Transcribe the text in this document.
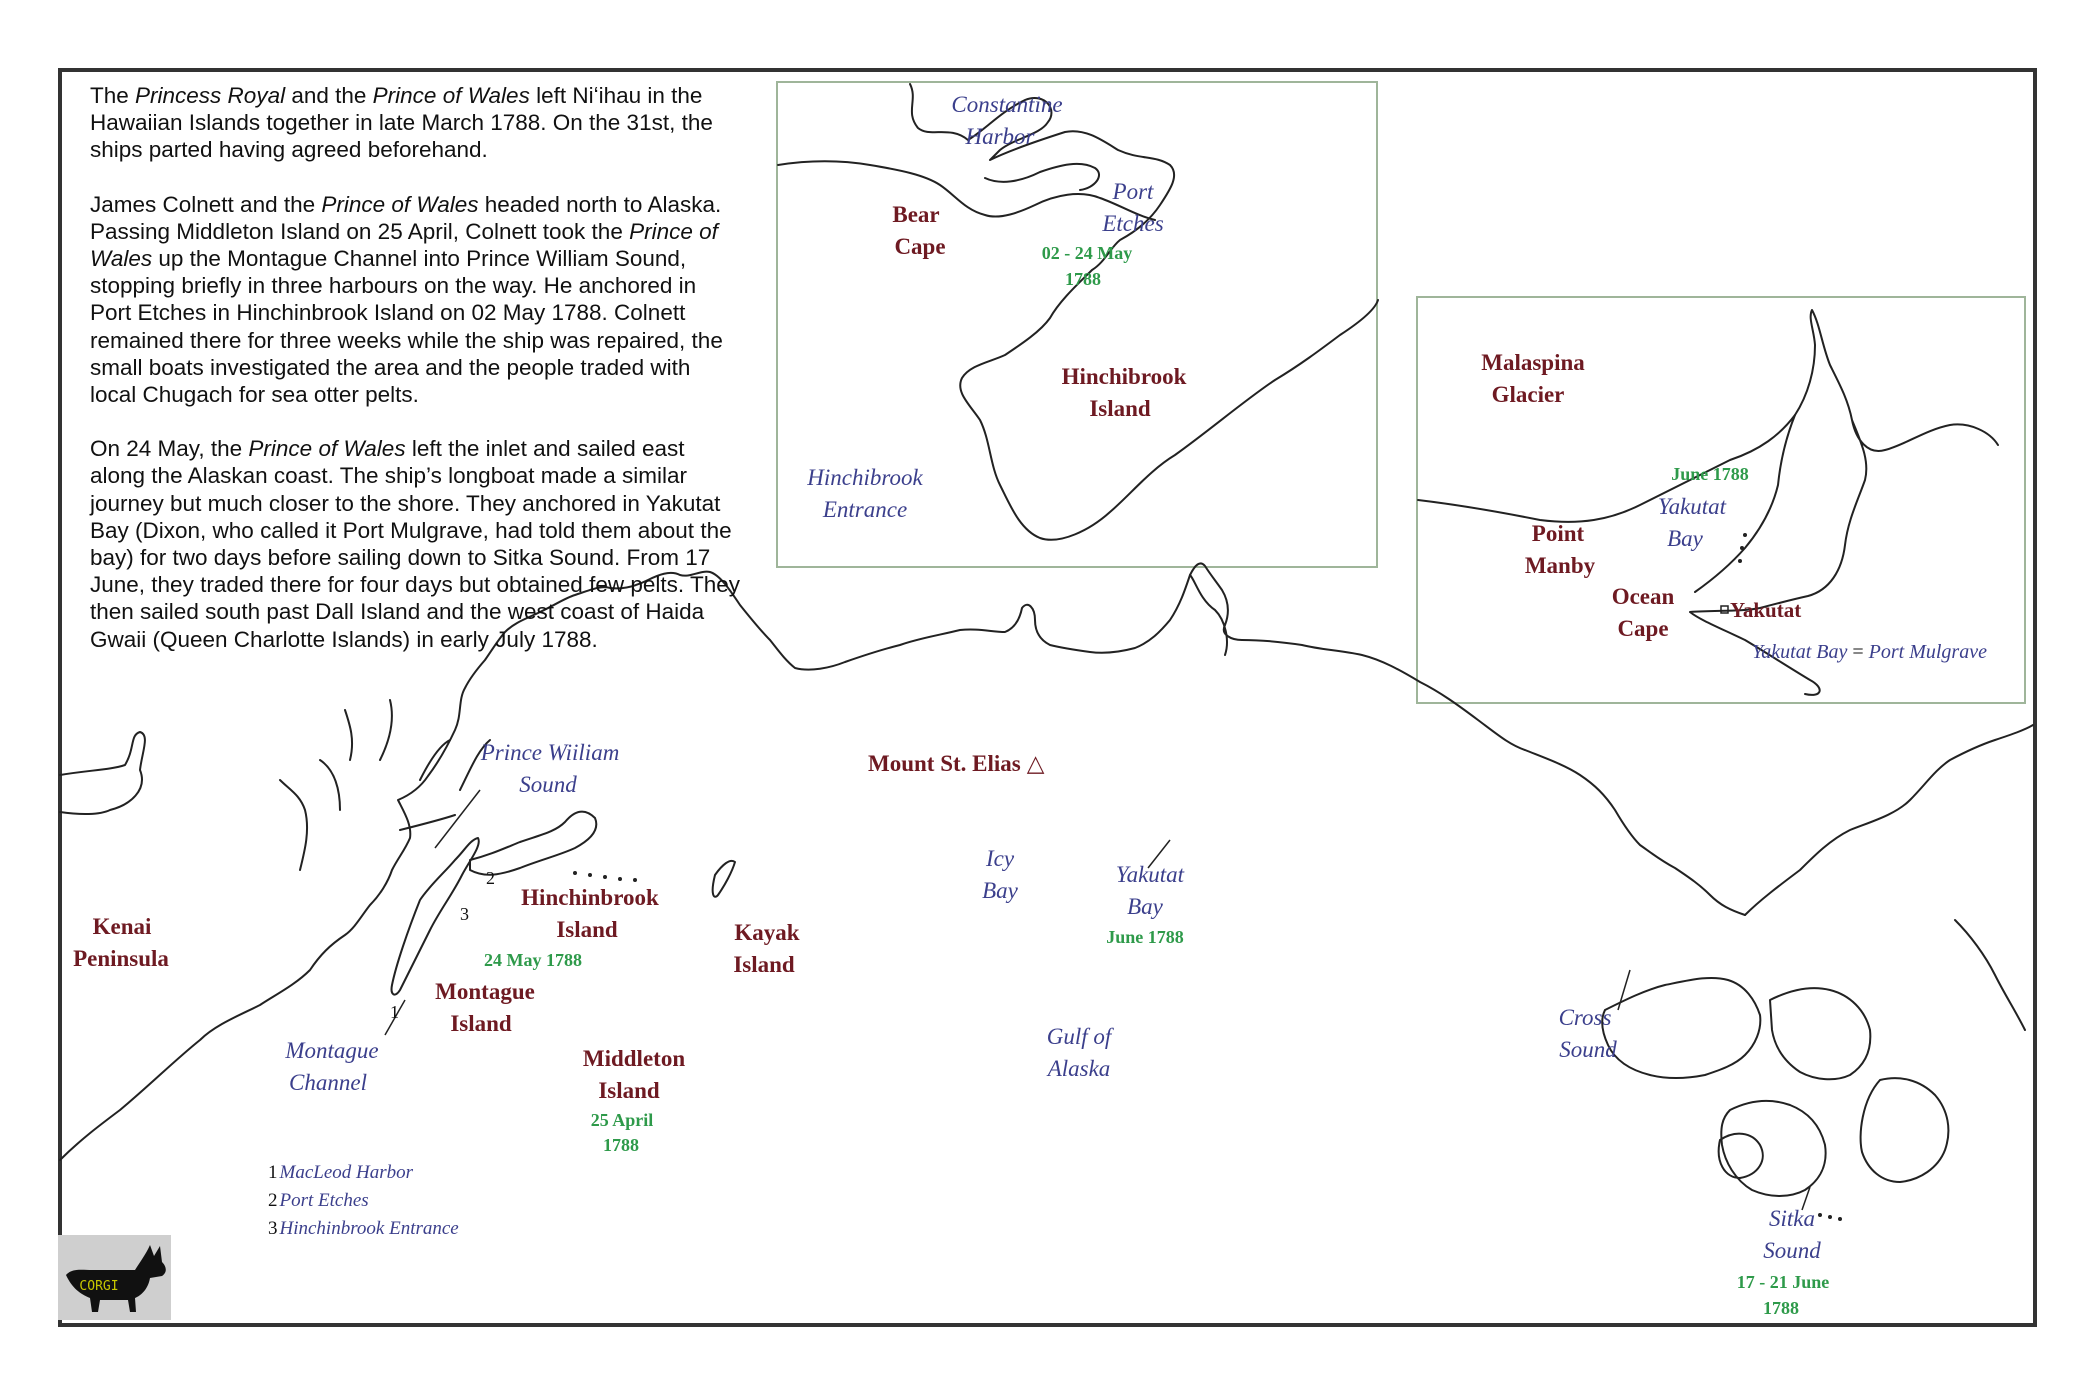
Constantine Harbor
Port Etches
Bear Cape	02 - 24 May 1788
Hinchibrook Island
Hinchibrook Entrance
Malaspina Glacier
June 1788
Yakutat Bay
Point Manby
Ocean Cape
Yakutat
Yakutat Bay = Port Mulgrave
Prince Wiiliam Sound
Mount St. Elias △
Kenai Peninsula
Hinchinbrook Island
24 May 1788
Kayak Island
Icy Bay
Yakutat Bay
June 1788
Montague Island
Montague Channel
Middleton Island
25 April 1788
Gulf of Alaska
Cross Sound
Sitka Sound
17 - 21 June 1788
1
2
3
1 MacLeod Harbor
2 Port Etches
3 Hinchinbrook Entrance
CORGI

The Princess Royal and the Prince of Wales left Niʻihau in the Hawaiian Islands together in late March 1788. On the 31st, the ships parted having agreed beforehand.

James Colnett and the Prince of Wales headed north to Alaska. Passing Middleton Island on 25 April, Colnett took the Prince of Wales up the Montague Channel into Prince William Sound, stopping briefly in three harbours on the way. He anchored in Port Etches in Hinchinbrook Island on 02 May 1788. Colnett remained there for three weeks while the ship was repaired, the small boats investigated the area and the people traded with local Chugach for sea otter pelts.

On 24 May, the Prince of Wales left the inlet and sailed east along the Alaskan coast. The ship’s longboat made a similar journey but much closer to the shore. They anchored in Yakutat Bay (Dixon, who called it Port Mulgrave, had told them about the bay) for two days before sailing down to Sitka Sound. From 17 June, they traded there for four days but obtained few pelts. They then sailed south past Dall Island and the west coast of Haida Gwaii (Queen Charlotte Islands) in early July 1788.
